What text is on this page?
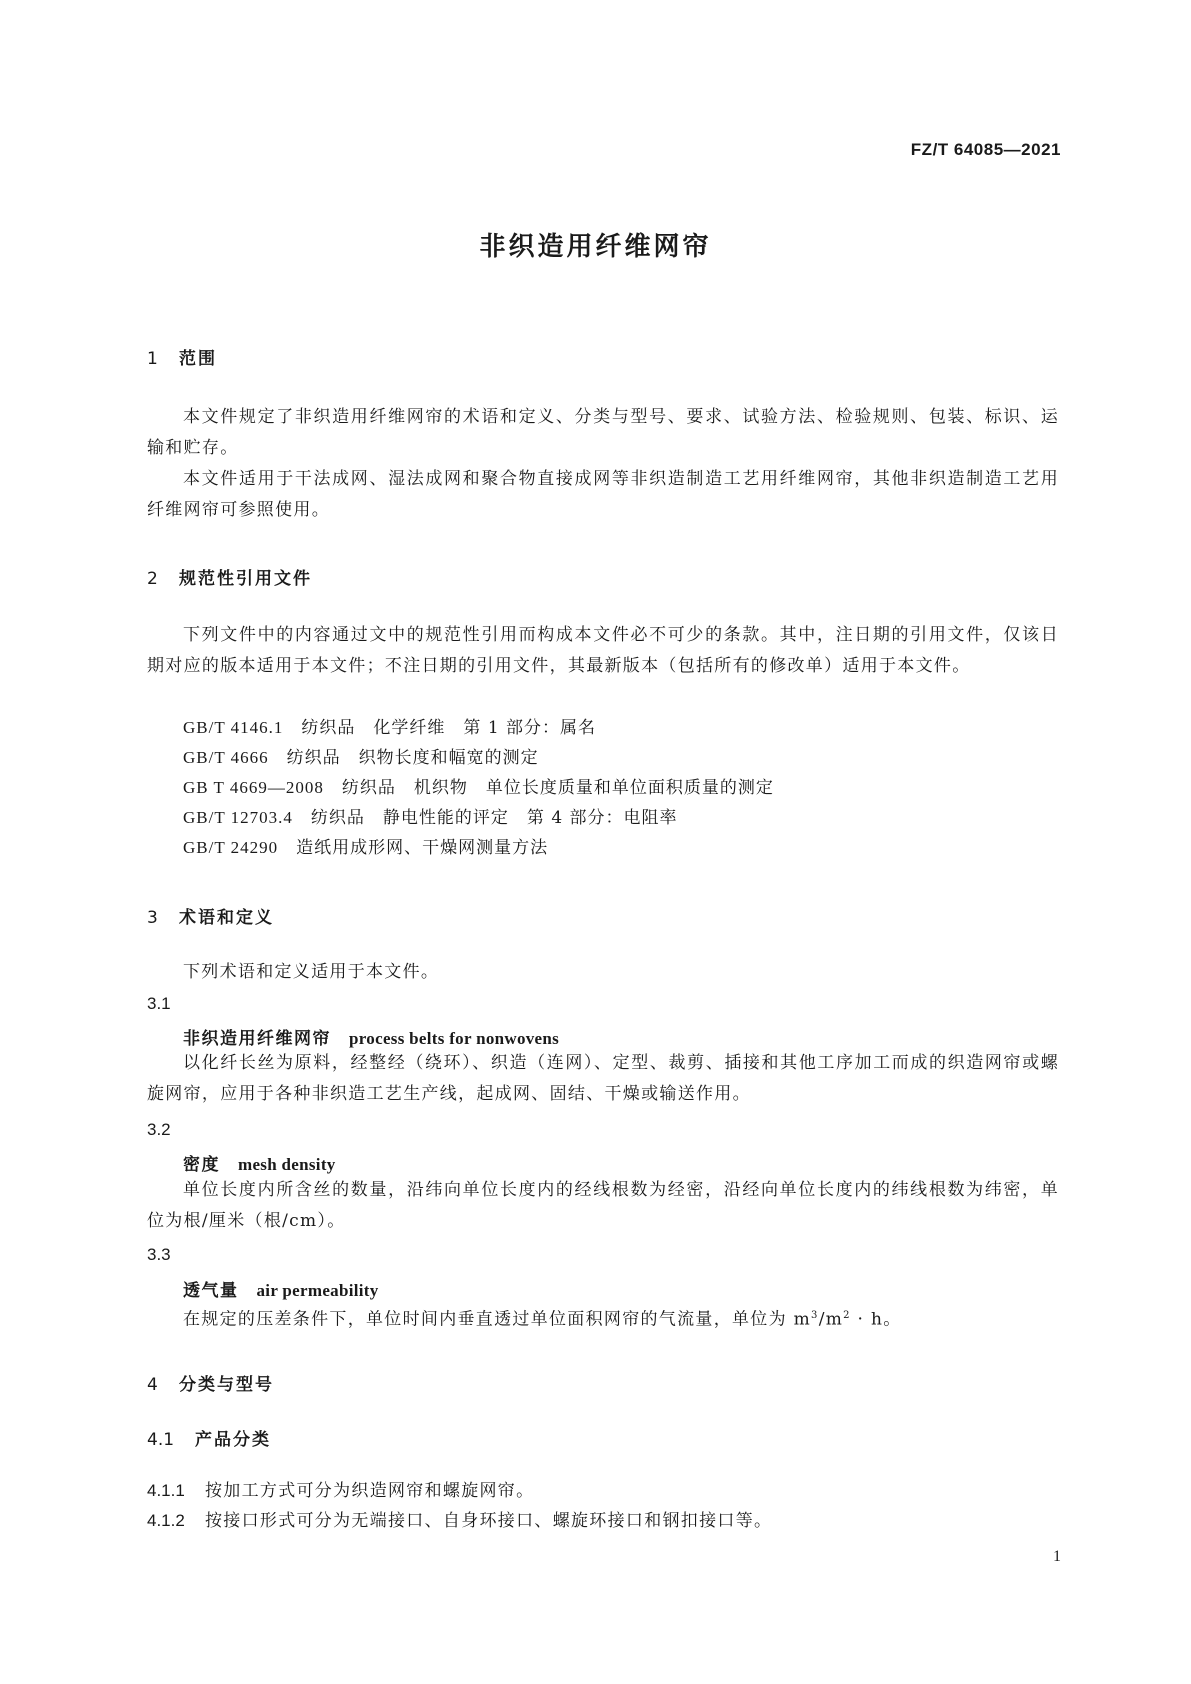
FZ/T 64085—2021
非织造用纤维网帘
1 范围
本文件规定了非织造用纤维网帘的术语和定义、分类与型号、要求、试验方法、检验规则、包装、标识、运输和贮存。
本文件适用于干法成网、湿法成网和聚合物直接成网等非织造制造工艺用纤维网帘，其他非织造制造工艺用纤维网帘可参照使用。
2 规范性引用文件
下列文件中的内容通过文中的规范性引用而构成本文件必不可少的条款。其中，注日期的引用文件，仅该日期对应的版本适用于本文件；不注日期的引用文件，其最新版本（包括所有的修改单）适用于本文件。
GB/T 4146.1　 纺织品　化学纤维　第 1 部分：属名
GB/T 4666　 纺织品　织物长度和幅宽的测定
GB T 4669—2008　 纺织品　机织物　单位长度质量和单位面积质量的测定
GB/T 12703.4　 纺织品　静电性能的评定　第 4 部分：电阻率
GB/T 24290　 造纸用成形网、干燥网测量方法
3 术语和定义
下列术语和定义适用于本文件。
3.1
非织造用纤维网帘 process belts for nonwovens
以化纤长丝为原料，经整经（绕环）、织造（连网）、定型、裁剪、插接和其他工序加工而成的织造网帘或螺旋网帘，应用于各种非织造工艺生产线，起成网、固结、干燥或输送作用。
3.2
密度 mesh density
单位长度内所含丝的数量，沿纬向单位长度内的经线根数为经密，沿经向单位长度内的纬线根数为纬密，单位为根/厘米（根/cm）。
3.3
透气量 air permeability
在规定的压差条件下，单位时间内垂直透过单位面积网帘的气流量，单位为 $m^3/m^2 \cdot h$。
4 分类与型号
4.1 产品分类
4.1.1 按加工方式可分为织造网帘和螺旋网帘。
4.1.2 按接口形式可分为无端接口、自身环接口、螺旋环接口和钢扣接口等。
1
